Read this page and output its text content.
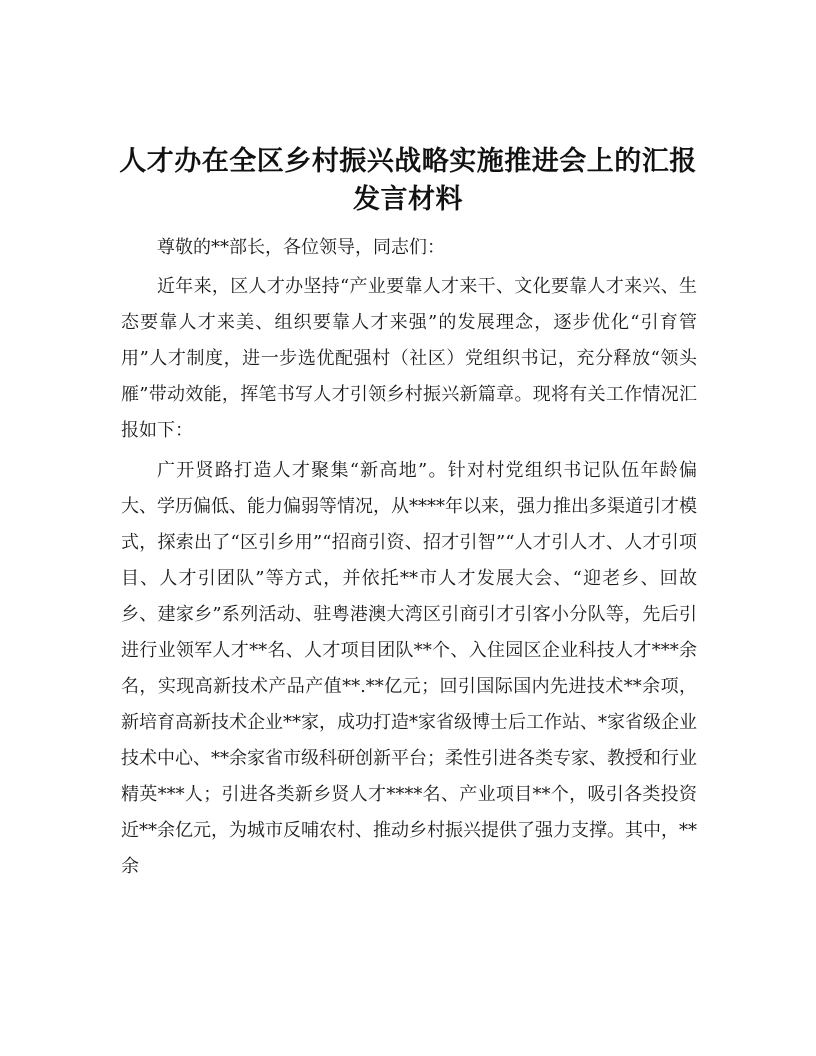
人才办在全区乡村振兴战略实施推进会上的汇报发言材料

尊敬的**部长，各位领导，同志们：

近年来，区人才办坚持“产业要靠人才来干、文化要靠人才来兴、生态要靠人才来美、组织要靠人才来强”的发展理念，逐步优化“引育管用”人才制度，进一步选优配强村（社区）党组织书记，充分释放“领头雁”带动效能，挥笔书写人才引领乡村振兴新篇章。现将有关工作情况汇报如下：

广开贤路打造人才聚集“新高地”。针对村党组织书记队伍年龄偏大、学历偏低、能力偏弱等情况，从****年以来，强力推出多渠道引才模式，探索出了“区引乡用”“招商引资、招才引智”“人才引人才、人才引项目、人才引团队”等方式，并依托**市人才发展大会、“迎老乡、回故乡、建家乡”系列活动、驻粤港澳大湾区引商引才引客小分队等，先后引进行业领军人才**名、人才项目团队**个、入住园区企业科技人才***余名，实现高新技术产品产值**.**亿元；回引国际国内先进技术**余项，新培育高新技术企业**家，成功打造*家省级博士后工作站、*家省级企业技术中心、**余家省市级科研创新平台；柔性引进各类专家、教授和行业精英***人；引进各类新乡贤人才****名、产业项目**个，吸引各类投资近**余亿元，为城市反哺农村、推动乡村振兴提供了强力支撑。其中，**余
